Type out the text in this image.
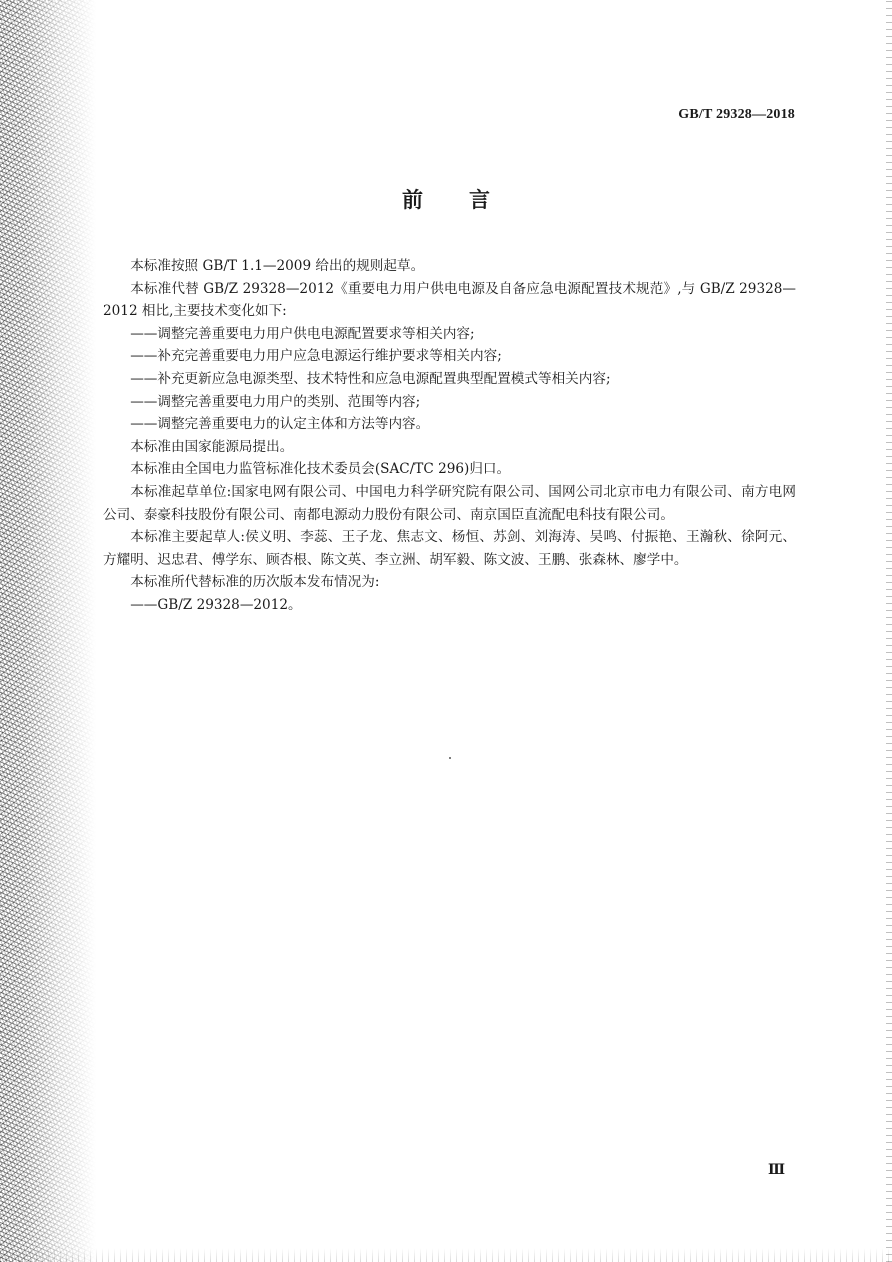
GB/T 29328—2018
前言

本标准按照 GB/T 1.1—2009 给出的规则起草。

本标准代替 GB/Z 29328—2012《重要电力用户供电电源及自备应急电源配置技术规范》,与 GB/Z 29328—2012 相比,主要技术变化如下:

——调整完善重要电力用户供电电源配置要求等相关内容;

——补充完善重要电力用户应急电源运行维护要求等相关内容;

——补充更新应急电源类型、技术特性和应急电源配置典型配置模式等相关内容;

——调整完善重要电力用户的类别、范围等内容;

——调整完善重要电力的认定主体和方法等内容。

本标准由国家能源局提出。

本标准由全国电力监管标准化技术委员会(SAC/TC 296)归口。

本标准起草单位:国家电网有限公司、中国电力科学研究院有限公司、国网公司北京市电力有限公司、南方电网公司、泰豪科技股份有限公司、南都电源动力股份有限公司、南京国臣直流配电科技有限公司。

本标准主要起草人:侯义明、李蕊、王子龙、焦志文、杨恒、苏剑、刘海涛、吴鸣、付振艳、王瀚秋、徐阿元、方耀明、迟忠君、傅学东、顾杏根、陈文英、李立洲、胡军毅、陈文波、王鹏、张森林、廖学中。

本标准所代替标准的历次版本发布情况为:

——GB/Z 29328—2012。

Ⅲ
